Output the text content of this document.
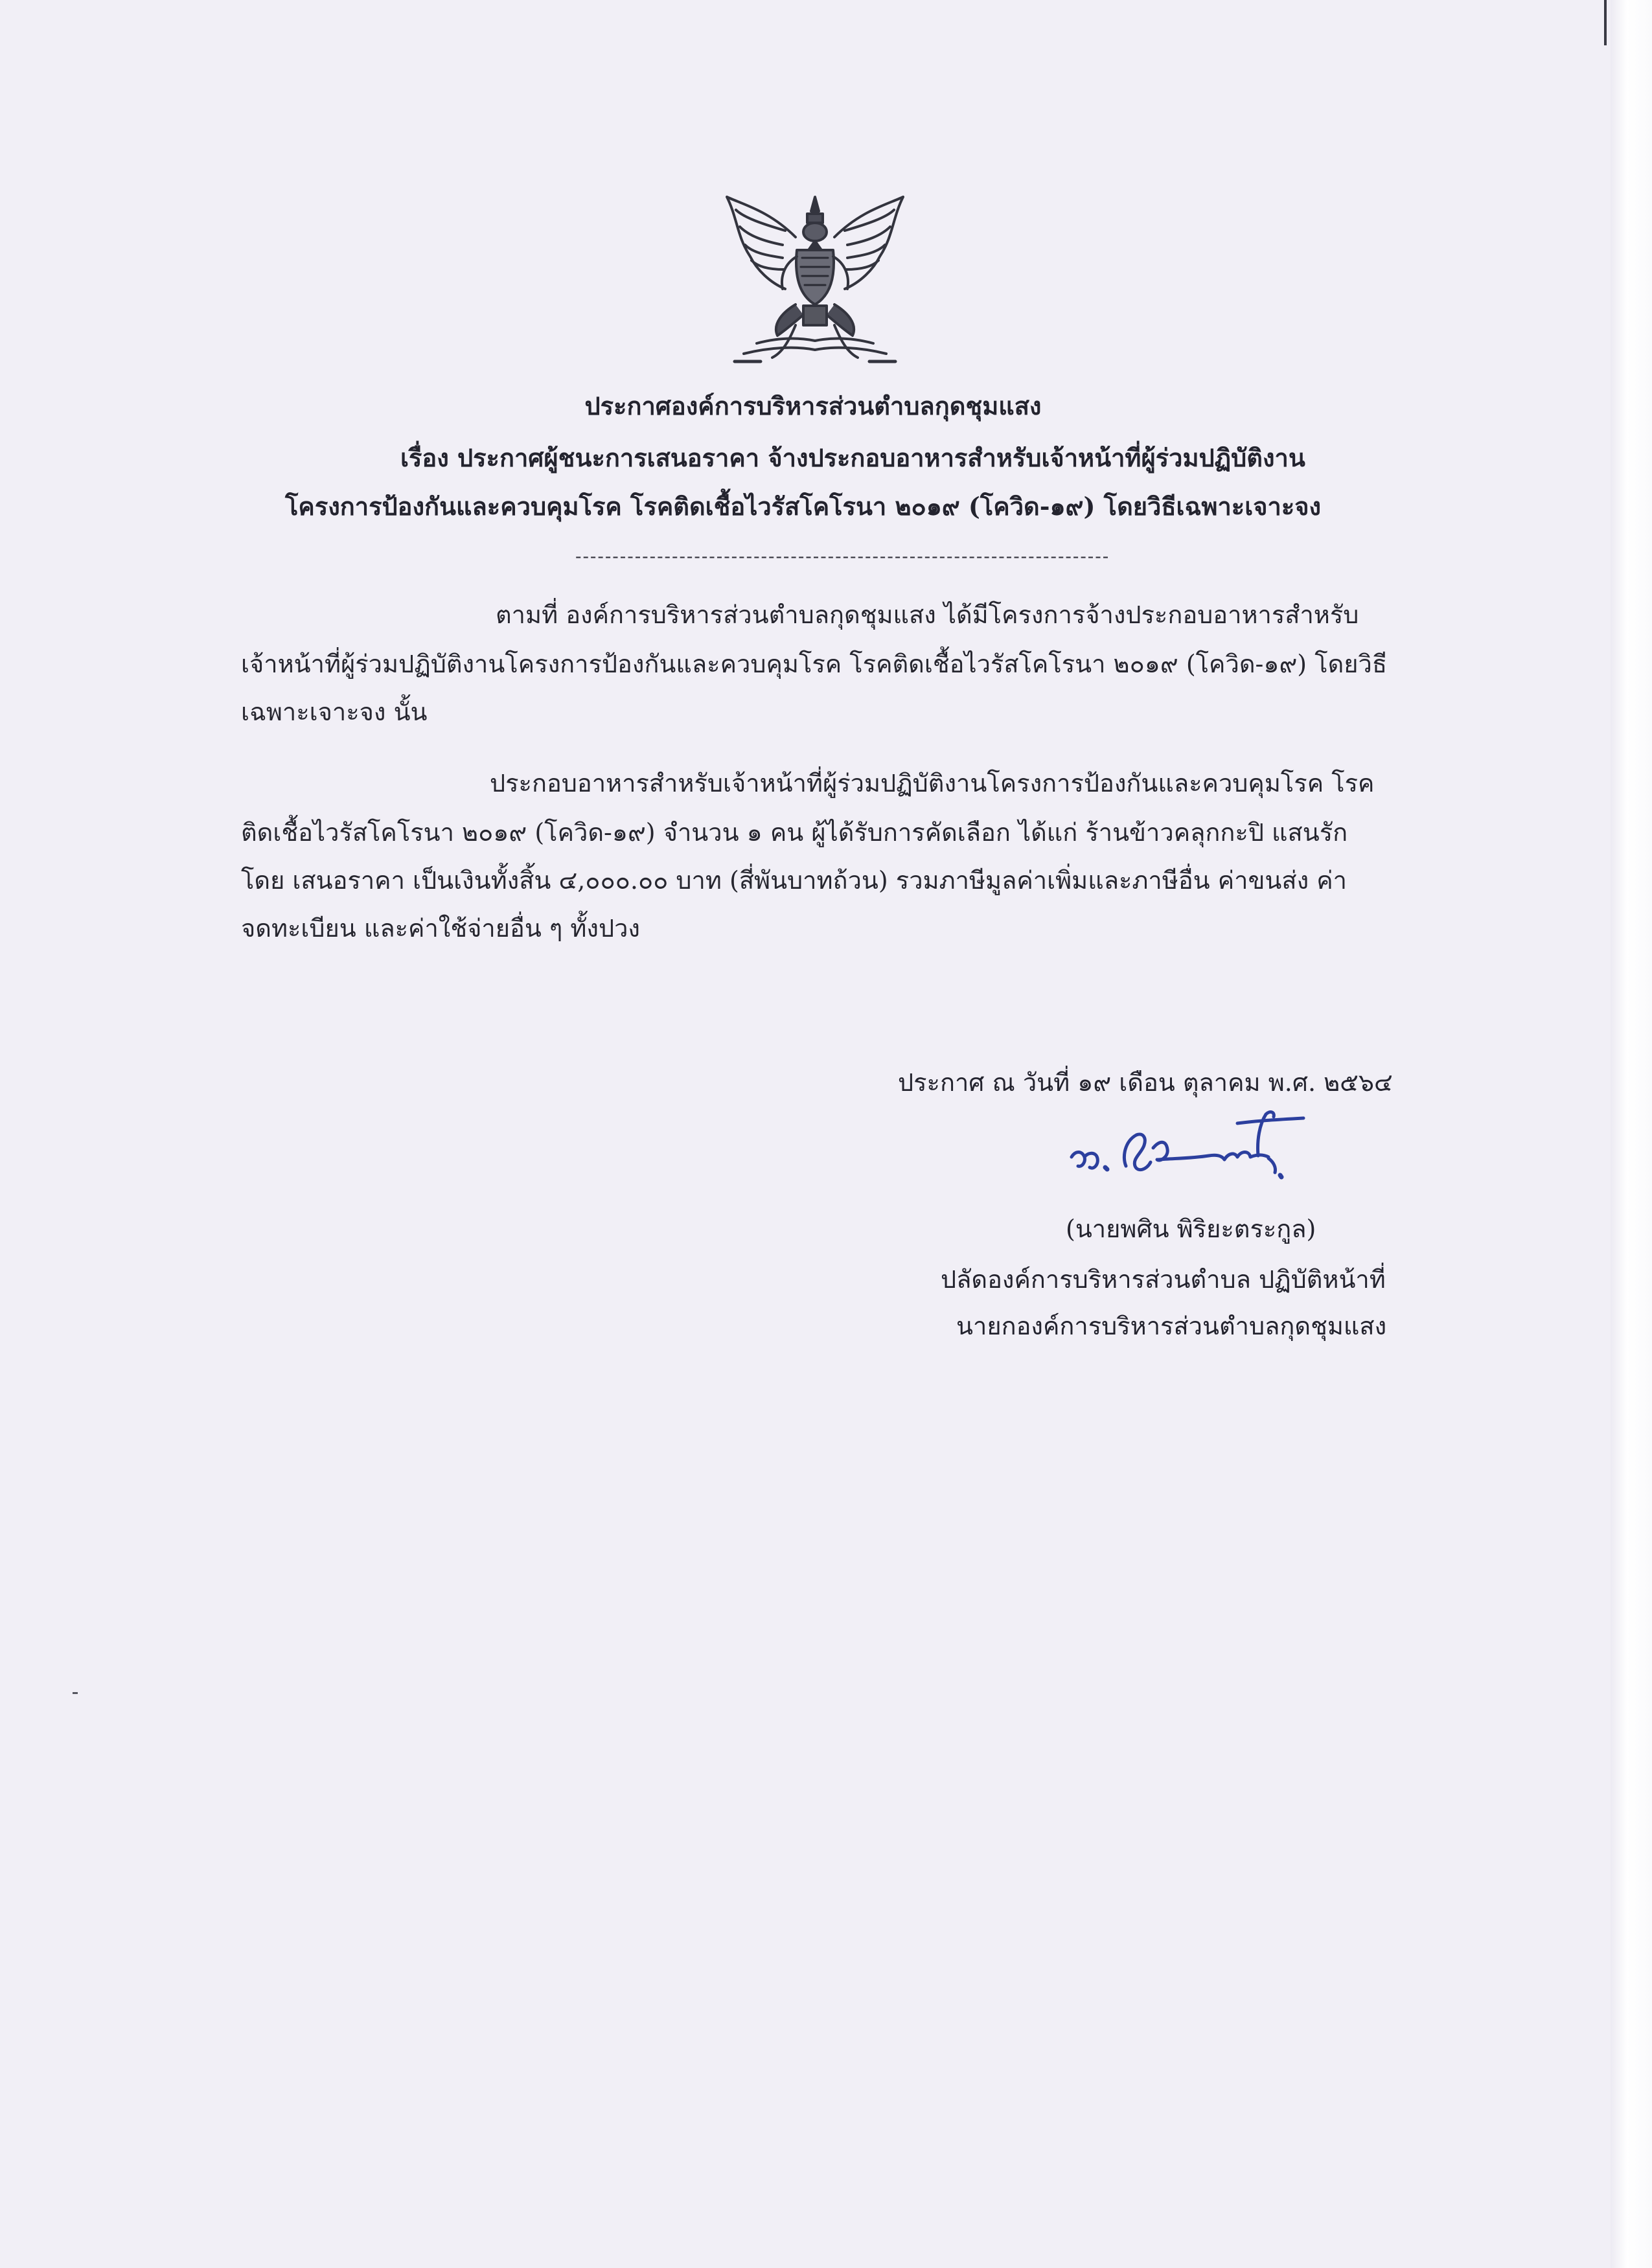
ประกาศองค์การบริหารส่วนตำบลกุดชุมแสง
เรื่อง ประกาศผู้ชนะการเสนอราคา จ้างประกอบอาหารสำหรับเจ้าหน้าที่ผู้ร่วมปฏิบัติงาน
โครงการป้องกันและควบคุมโรค โรคติดเชื้อไวรัสโคโรนา ๒๐๑๙ (โควิด-๑๙) โดยวิธีเฉพาะเจาะจง
------------------------------------------------------------------------
ตามที่ องค์การบริหารส่วนตำบลกุดชุมแสง ได้มีโครงการจ้างประกอบอาหารสำหรับ
เจ้าหน้าที่ผู้ร่วมปฏิบัติงานโครงการป้องกันและควบคุมโรค โรคติดเชื้อไวรัสโคโรนา ๒๐๑๙ (โควิด-๑๙) โดยวิธี
เฉพาะเจาะจง นั้น
ประกอบอาหารสำหรับเจ้าหน้าที่ผู้ร่วมปฏิบัติงานโครงการป้องกันและควบคุมโรค โรค
ติดเชื้อไวรัสโคโรนา ๒๐๑๙ (โควิด-๑๙) จำนวน ๑ คน ผู้ได้รับการคัดเลือก ได้แก่ ร้านข้าวคลุกกะปิ แสนรัก
โดย เสนอราคา เป็นเงินทั้งสิ้น ๔,๐๐๐.๐๐ บาท (สี่พันบาทถ้วน) รวมภาษีมูลค่าเพิ่มและภาษีอื่น ค่าขนส่ง ค่า
จดทะเบียน และค่าใช้จ่ายอื่น ๆ ทั้งปวง
ประกาศ ณ วันที่ ๑๙ เดือน ตุลาคม พ.ศ. ๒๕๖๔
(นายพศิน พิริยะตระกูล)
ปลัดองค์การบริหารส่วนตำบล ปฏิบัติหน้าที่
นายกองค์การบริหารส่วนตำบลกุดชุมแสง
